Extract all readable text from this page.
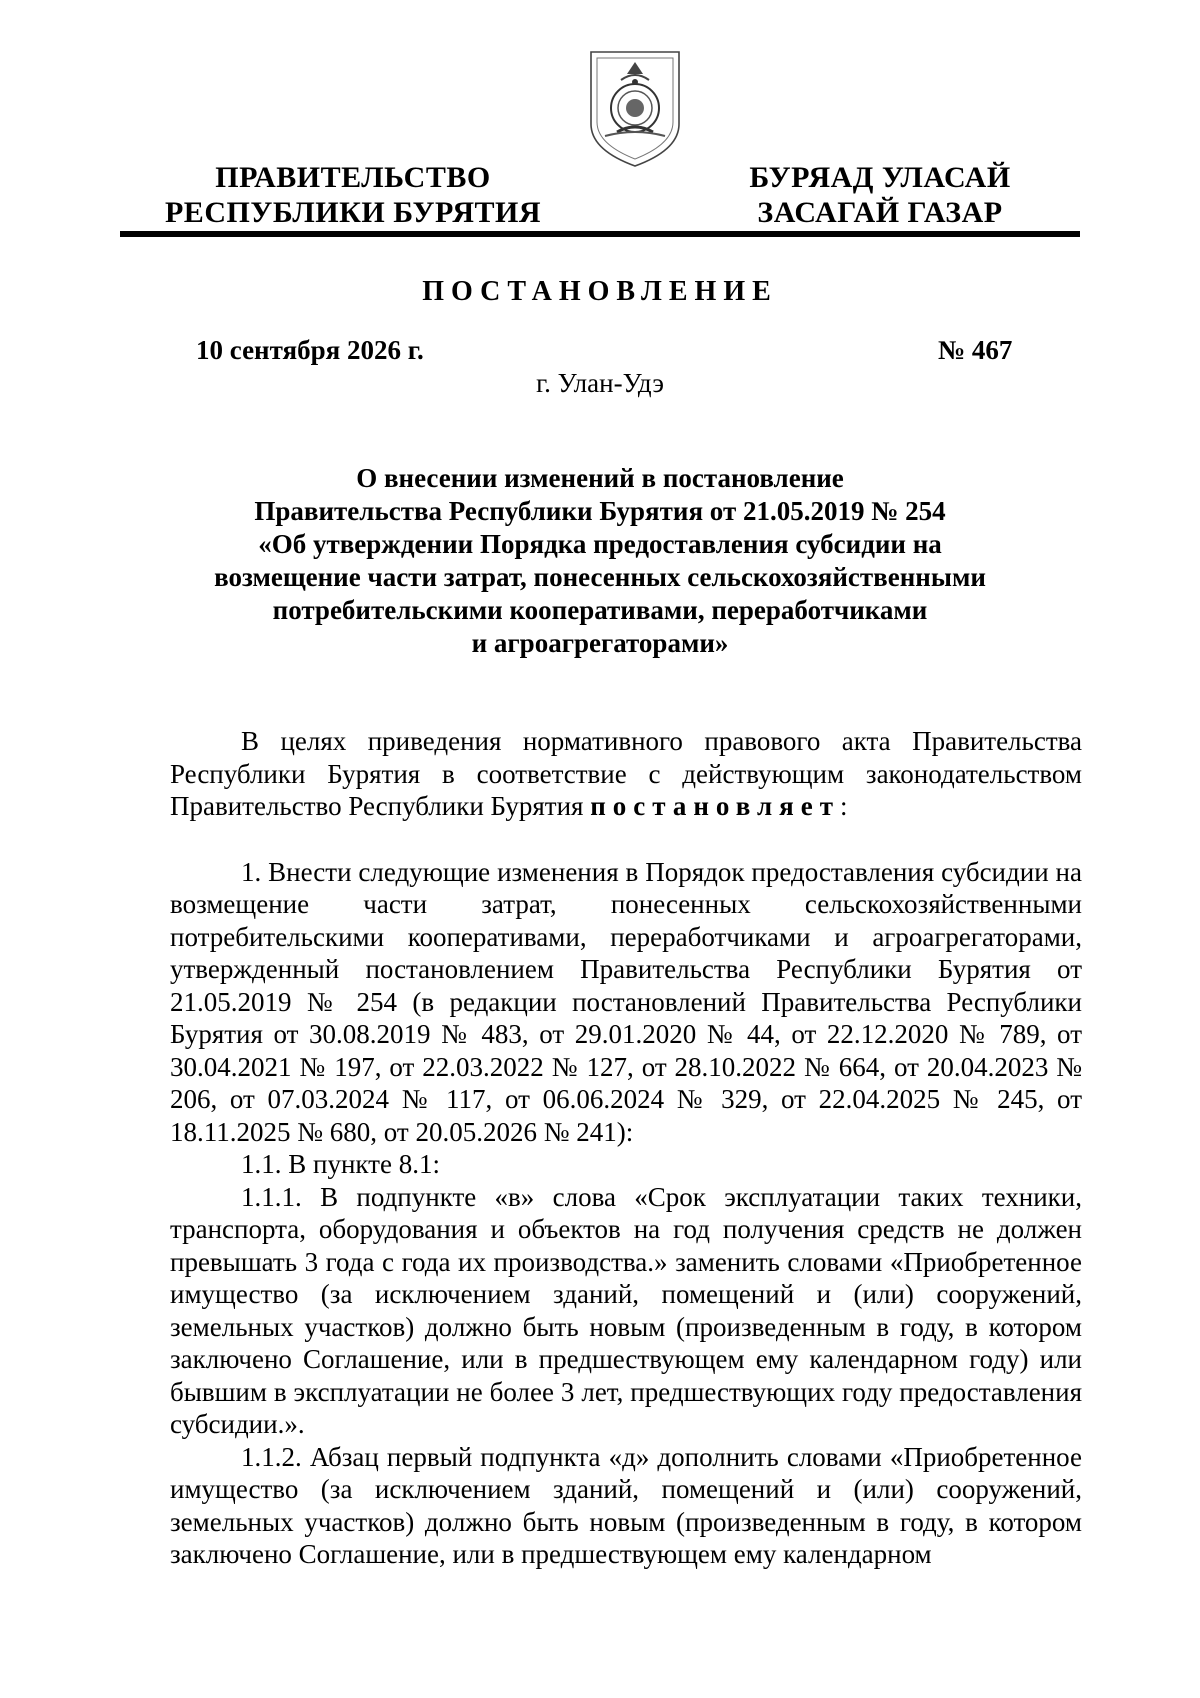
ПРАВИТЕЛЬСТВО
РЕСПУБЛИКИ БУРЯТИЯ
БУРЯАД УЛАСАЙ
ЗАСАГАЙ ГАЗАР
ПОСТАНОВЛЕНИЕ
10 сентября 2026 г.	№ 467
г. Улан-Удэ
О внесении изменений в постановление
Правительства Республики Бурятия от 21.05.2019 № 254
«Об утверждении Порядка предоставления субсидии на
возмещение части затрат, понесенных сельскохозяйственными
потребительскими кооперативами, переработчиками
и агроагрегаторами»

В целях приведения нормативного правового акта Правительства Республики Бурятия в соответствие с действующим законодательством Правительство Республики Бурятия постановляет:

1. Внести следующие изменения в Порядок предоставления субсидии на возмещение части затрат, понесенных сельскохозяйственными потребительскими кооперативами, переработчиками и агроагрегаторами, утвержденный постановлением Правительства Республики Бурятия от 21.05.2019 № 254 (в редакции постановлений Правительства Республики Бурятия от 30.08.2019 № 483, от 29.01.2020 № 44, от 22.12.2020 № 789, от 30.04.2021 № 197, от 22.03.2022 № 127, от 28.10.2022 № 664, от 20.04.2023 № 206, от 07.03.2024 № 117, от 06.06.2024 № 329, от 22.04.2025 № 245, от 18.11.2025 № 680, от 20.05.2026 № 241):

1.1. В пункте 8.1:

1.1.1. В подпункте «в» слова «Срок эксплуатации таких техники, транспорта, оборудования и объектов на год получения средств не должен превышать 3 года с года их производства.» заменить словами «Приобретенное имущество (за исключением зданий, помещений и (или) сооружений, земельных участков) должно быть новым (произведенным в году, в котором заключено Соглашение, или в предшествующем ему календарном году) или бывшим в эксплуатации не более 3 лет, предшествующих году предоставления субсидии.».

1.1.2. Абзац первый подпункта «д» дополнить словами «Приобретенное имущество (за исключением зданий, помещений и (или) сооружений, земельных участков) должно быть новым (произведенным в году, в котором заключено Соглашение, или в предшествующем ему календарном
